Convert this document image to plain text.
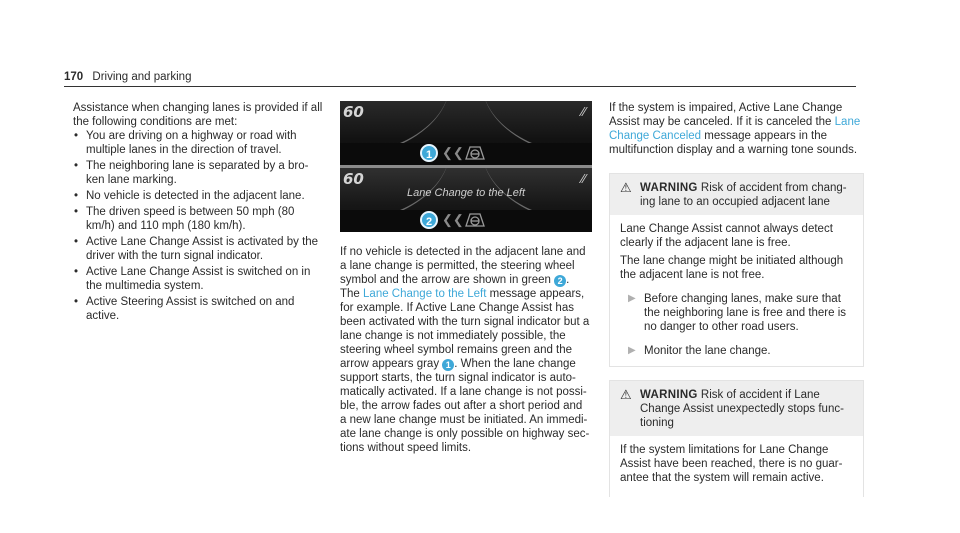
170 Driving and parking

Assistance when changing lanes is provided if all the following conditions are met:

• You are driving on a highway or road with multiple lanes in the direction of travel.
• The neighboring lane is separated by a bro-ken lane marking.
• No vehicle is detected in the adjacent lane.
• The driven speed is between 50 mph (80 km/h) and 110 mph (180 km/h).
• Active Lane Change Assist is activated by the driver with the turn signal indicator.
• Active Lane Change Assist is switched on in the multimedia system.
• Active Steering Assist is switched on and active.
60	∕∕
1 ❮❮
60	∕∕
Lane Change to the Left
2 ❮❮

If no vehicle is detected in the adjacent lane and a lane change is permitted, the steering wheel symbol and the arrow are shown in green 2 .
The Lane Change to the Left message appears, for example. If Active Lane Change Assist has been activated with the turn signal indicator but a lane change is not immediately possible, the steering wheel symbol remains green and the arrow appears gray 1 . When the lane change support starts, the turn signal indicator is auto-matically activated. If a lane change is not possi-ble, the arrow fades out after a short period and a new lane change must be initiated. An immedi-ate lane change is only possible on highway sec-tions without speed limits.

If the system is impaired, Active Lane Change Assist may be canceled. If it is canceled the Lane Change Canceled message appears in the multifunction display and a warning tone sounds.

⚠ WARNING Risk of accident from chang-ing lane to an occupied adjacent lane

Lane Change Assist cannot always detect clearly if the adjacent lane is free.

The lane change might be initiated although the adjacent lane is not free.

▶ Before changing lanes, make sure that the neighboring lane is free and there is no danger to other road users.
▶ Monitor the lane change.
⚠ WARNING Risk of accident if Lane Change Assist unexpectedly stops func-tioning

If the system limitations for Lane Change Assist have been reached, there is no guar-antee that the system will remain active.
